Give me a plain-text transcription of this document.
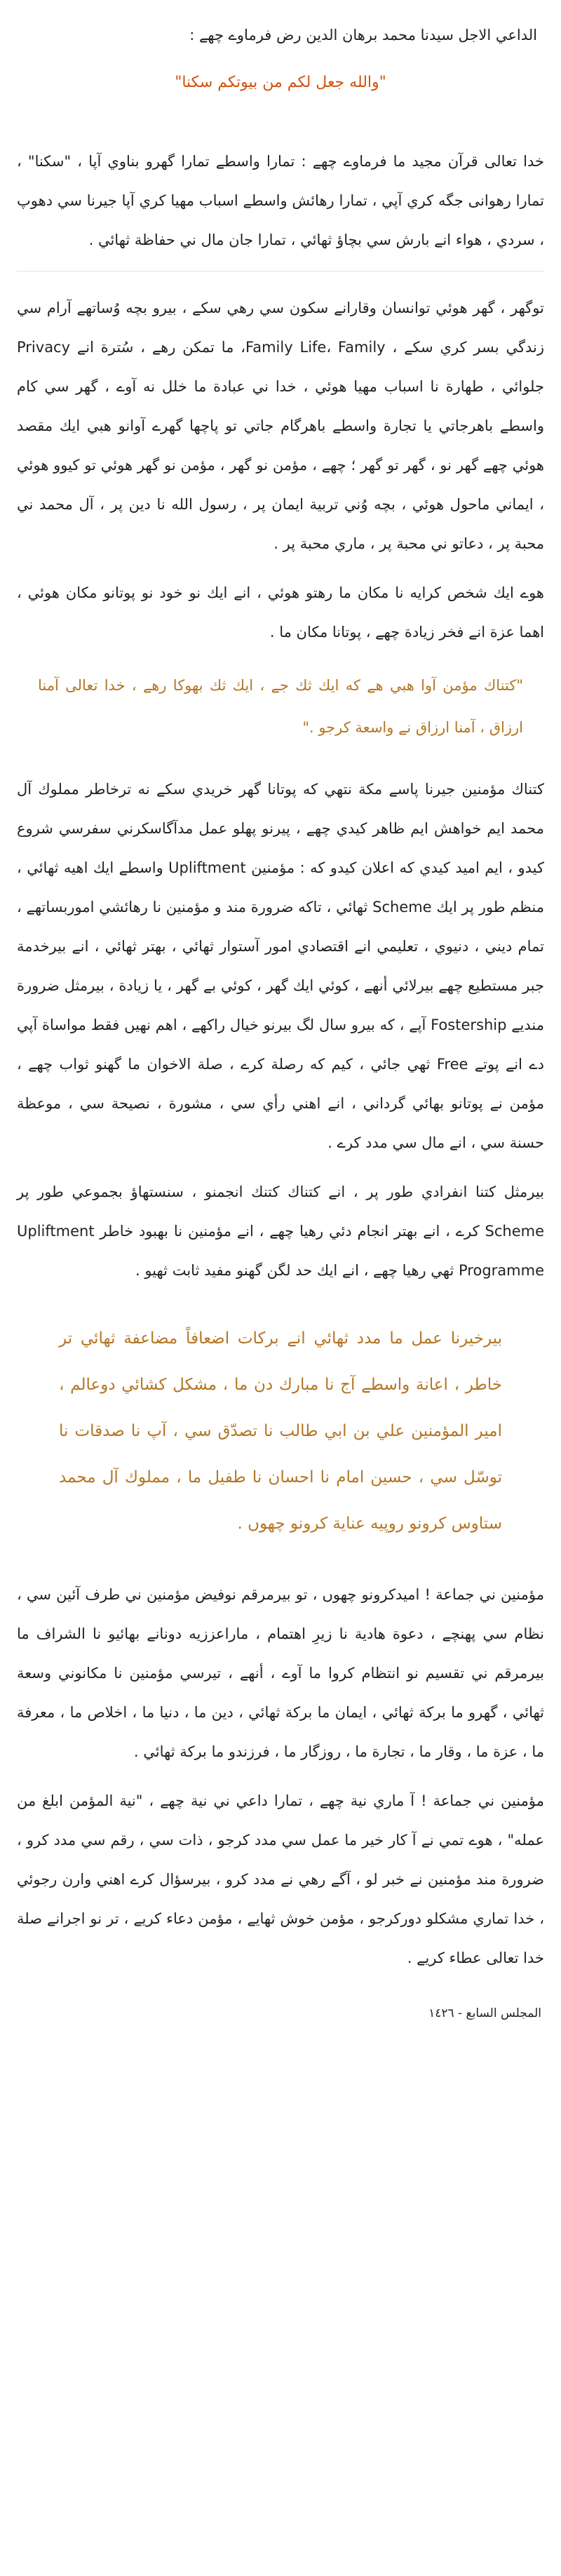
الداعي الاجل سيدنا محمد برهان الدين رض فرماوے چھے :
"والله جعل لكم من بيوتكم سكنا"
خدا تعالى قرآن مجيد ما فرماوے چھے : تمارا واسطے تمارا گهرو بناوي آپا ، "سكنا" ، تمارا رهوانى جگه كري آپي ، تمارا رهائش واسطے اسباب مهيا كري آپا جيرنا سي دهوپ ، سردي ، هواء انے بارش سي بچاؤ ثهائي ، تمارا جان مال ني حفاظة ثهائي .
توگهر ، گهر هوئي توانسان وقارانے سكون سي رهي سكے ، بيرو بچه وُساتھے آرام سي زندگي بسر كري سكے ، Family Life، Family، ما تمكن رهے ، سُترة انے Privacy جلوائي ، طهارة نا اسباب مهيا هوئي ، خدا ني عبادة ما خلل نه آوے ، گهر سي كام واسطے باهرجاتي يا تجارة واسطے باهرگام جاتي تو پاچها گهرے آوانو هبي ايك مقصد هوئي چھے گهر نو ، گهر تو گهر ؛ چھے ، مؤمن نو گهر ، مؤمن نو گهر هوئي تو كيوو هوئي ، ايماني ماحول هوئي ، بچه وُني تربية ايمان پر ، رسول الله نا دين پر ، آل محمد ني محبة پر ، دعاتو ني محبة پر ، ماري محبة پر .
هوے ايك شخص كرايه نا مكان ما رهتو هوئي ، انے ايك نو خود نو پوتانو مكان هوئي ، اهما عزة انے فخر زيادة چھے ، پوتانا مكان ما .
"كتناك مؤمن آوا هبي هے كه ايك ثك جے ، ايك ثك بهوكا رهے ، خدا تعالى آمنا ارزاق ، آمنا ارزاق نے واسعة كرجو ."
كتناك مؤمنين جيرنا پاسے مكة نتهي كه پوتانا گهر خريدي سكے نه ترخاطر مملوك آل محمد ايم خواهش ايم ظاهر كيدي چھے ، پيرنو پهلو عمل مدآگاسكرني سفرسي شروع كيدو ، ايم اميد كيدي كه اعلان كيدو كه : مؤمنين Upliftment واسطے ايك اهيه ثهائي ، منظم طور پر ايك Scheme ثهائي ، تاكه ضرورة مند و مؤمنين نا رهائشي اموربساتھے ، تمام ديني ، دنيوي ، تعليمي انے اقتصادي امور آستوار ثهائي ، بهتر ثهائي ، انے بيرخدمة جبر مستطيع چھے بيرلائي أنهے ، كوئي ايك گهر ، كوئي بے گهر ، يا زيادة ، بيرمثل ضرورة منديے Fostership آپے ، كه بيرو سال لگ بيرنو خيال راكهے ، اهم نهيں فقط مواساة آپي دے انے پوتے Free ثهي جائي ، كيم كه رصلة كرے ، صلة الاخوان ما گهنو ثواب چھے ، مؤمن نے پوتانو بهائي گرداني ، انے اهني رأي سي ، مشورة ، نصيحة سي ، موعظة حسنة سي ، انے مال سي مدد كرے .
بيرمثل كتنا انفرادي طور پر ، انے كتناك كتنك انجمنو ، سنستهاؤ بجموعي طور پر Scheme كرے ، انے بهتر انجام دئي رهيا چھے ، انے مؤمنين نا بهبود خاطر Upliftment Programme ثهي رهيا چھے ، انے ايك حد لگن گهنو مفيد ثابت ثهيو .
بيرخيرنا عمل ما مدد ثهائي انے بركات اضعافاً مضاعفة ثهائي تر خاطر ، اعانة واسطے آج نا مبارك دن ما ، مشكل كشائي دوعالم ، امير المؤمنين علي بن ابي طالب نا تصدّق سي ، آپ نا صدقات نا توسّل سي ، حسين امام نا احسان نا طفيل ما ، مملوك آل محمد ستاوس كرونو روپيه عناية كرونو چهوں .
مؤمنين ني جماعة ! اميدكرونو چهوں ، تو بيرمرقم نوفيض مؤمنين ني طرف آئين سي ، نظام سي پهنچے ، دعوة هادية نا زيرِ اهتمام ، ماراعززيه دونانے بهائيو نا الشراف ما بيرمرقم ني تقسيم نو انتظام كروا ما آوے ، أنهے ، تيرسي مؤمنين نا مكانوني وسعة ثهائي ، گهرو ما بركة ثهائي ، ايمان ما بركة ثهائي ، دين ما ، دنيا ما ، اخلاص ما ، معرفة ما ، عزة ما ، وقار ما ، تجارة ما ، روزگار ما ، فرزندو ما بركة ثهائي .
مؤمنين ني جماعة ! آ ماري نية چھے ، تمارا داعي ني نية چھے ، "نية المؤمن ابلغ من عمله" ، هوے تمي نے آ كار خير ما عمل سي مدد كرجو ، ذات سي ، رقم سي مدد كرو ، ضرورة مند مؤمنين نے خبر لو ، آگے رهي نے مدد كرو ، بيرسؤال كرے اهني وارن رجوئي ، خدا تماري مشكلو دوركرجو ، مؤمن خوش ثهايے ، مؤمن دعاء كريے ، تر نو اجرانے صلة خدا تعالى عطاء كريے .
المجلس السابع - ١٤٢٦
